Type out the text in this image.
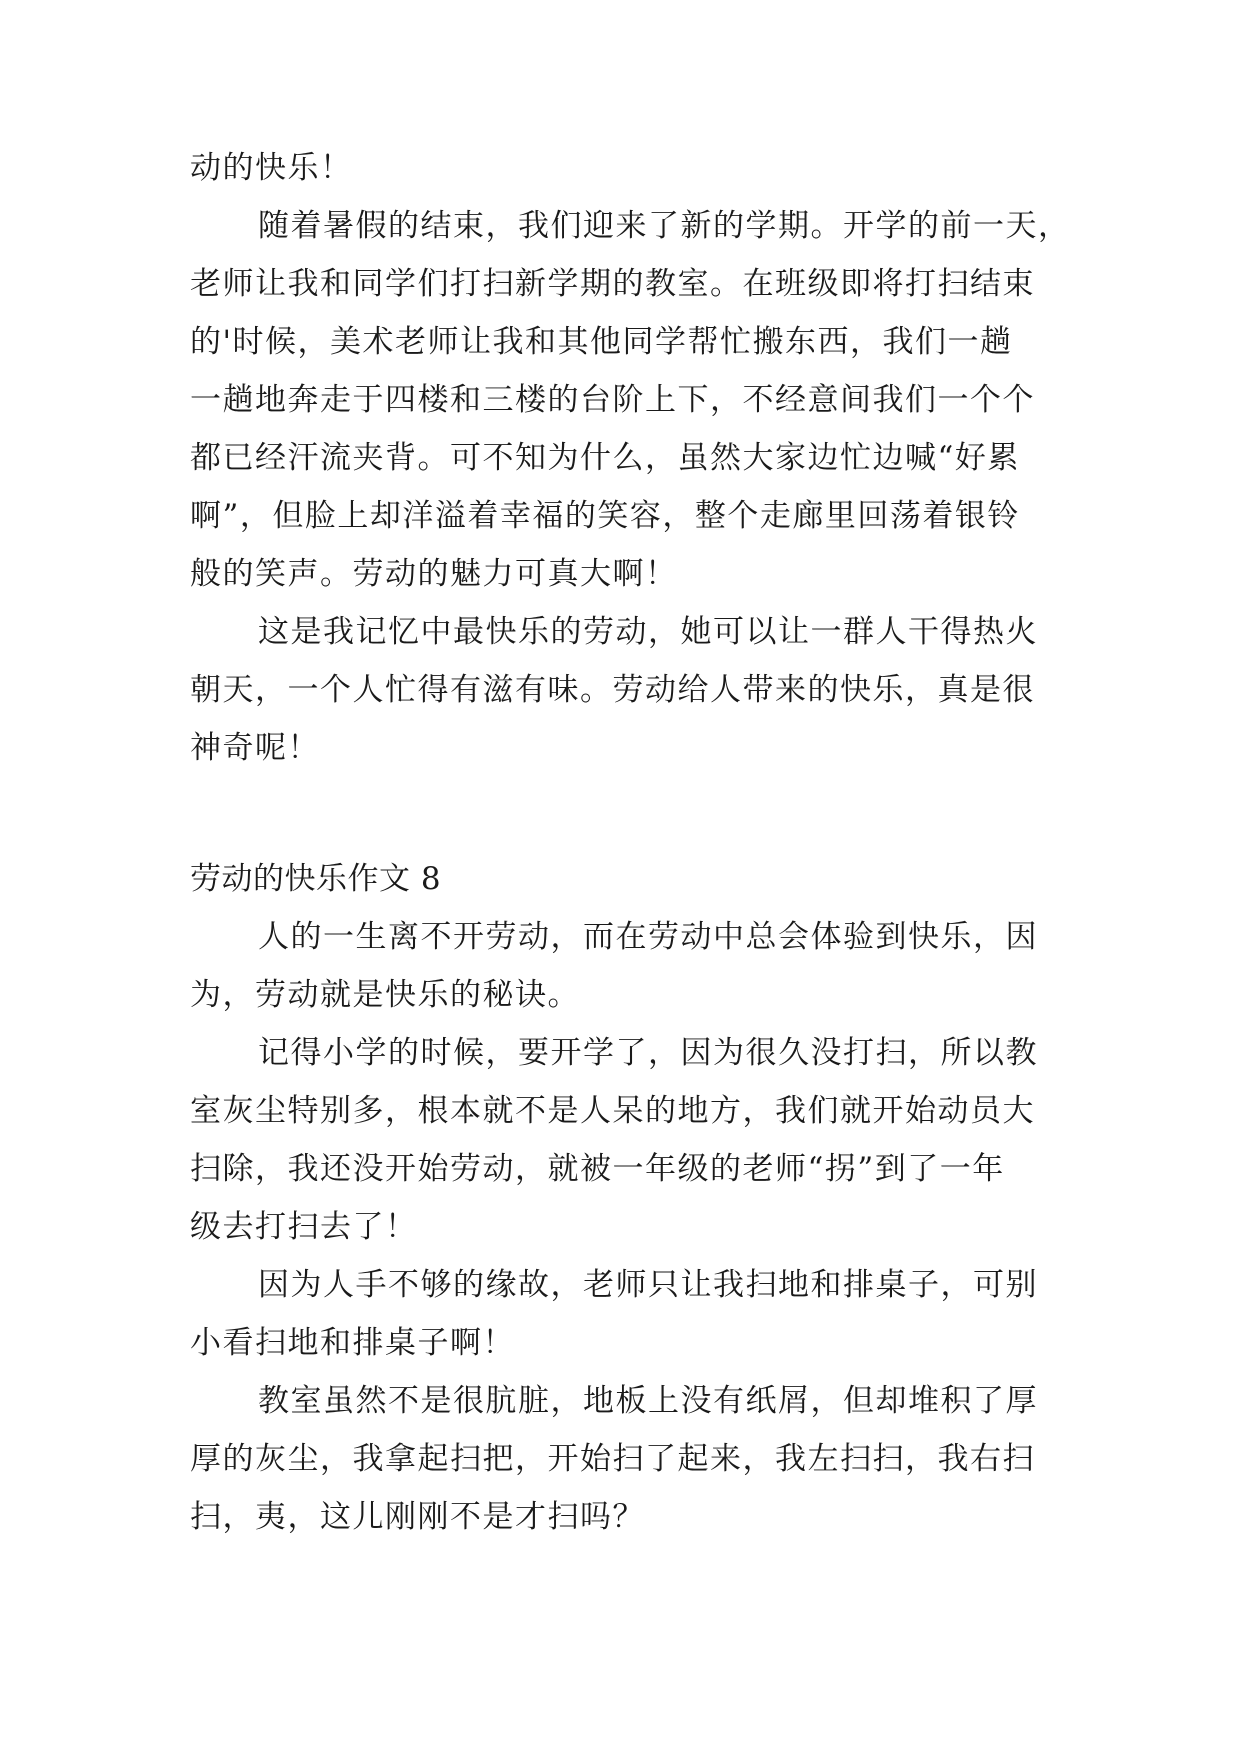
动的快乐！
随着暑假的结束，我们迎来了新的学期。开学的前一天，
老师让我和同学们打扫新学期的教室。在班级即将打扫结束
的'时候，美术老师让我和其他同学帮忙搬东西，我们一趟
一趟地奔走于四楼和三楼的台阶上下，不经意间我们一个个
都已经汗流夹背。可不知为什么，虽然大家边忙边喊“好累
啊”，但脸上却洋溢着幸福的笑容，整个走廊里回荡着银铃
般的笑声。劳动的魅力可真大啊！
这是我记忆中最快乐的劳动，她可以让一群人干得热火
朝天，一个人忙得有滋有味。劳动给人带来的快乐，真是很
神奇呢！
劳动的快乐作文 8
人的一生离不开劳动，而在劳动中总会体验到快乐，因
为，劳动就是快乐的秘诀。
记得小学的时候，要开学了，因为很久没打扫，所以教
室灰尘特别多，根本就不是人呆的地方，我们就开始动员大
扫除，我还没开始劳动，就被一年级的老师“拐”到了一年
级去打扫去了！
因为人手不够的缘故，老师只让我扫地和排桌子，可别
小看扫地和排桌子啊！
教室虽然不是很肮脏，地板上没有纸屑，但却堆积了厚
厚的灰尘，我拿起扫把，开始扫了起来，我左扫扫，我右扫
扫，夷，这儿刚刚不是才扫吗？
